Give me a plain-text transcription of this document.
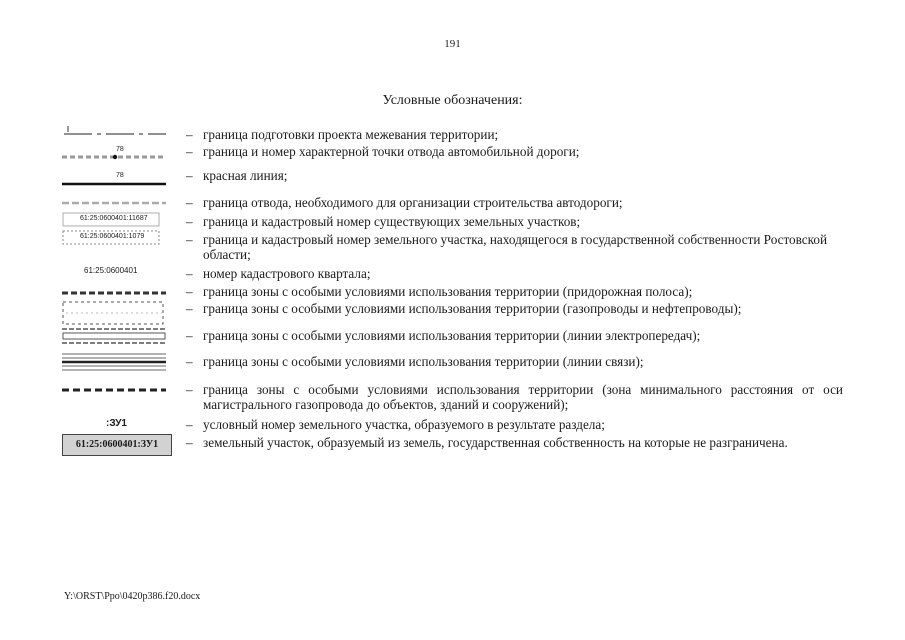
191
Условные обозначения:
78
78
61:25:0600401:11687
61:25:0600401:1079
61:25:0600401
:ЗУ1
61:25:0600401:ЗУ1
– граница подготовки проекта межевания территории;
– граница и номер характерной точки отвода автомобильной дороги;
– красная линия;
– граница отвода, необходимого для организации строительства автодороги;
– граница и кадастровый номер существующих земельных участков;
– граница и кадастровый номер земельного участка, находящегося в государственной собственности Ростовской области;
– номер кадастрового квартала;
– граница зоны с особыми условиями использования территории (придорожная полоса);
– граница зоны с особыми условиями использования территории (газопроводы и нефтепроводы);
– граница зоны с особыми условиями использования территории (линии электропередач);
– граница зоны с особыми условиями использования территории (линии связи);
– граница зоны с особыми условиями использования территории (зона минимального расстояния от оси магистрального газопровода до объектов, зданий и сооружений);
– условный номер земельного участка, образуемого в результате раздела;
– земельный участок, образуемый из земель, государственная собственность на которые не разграничена.
Y:\ORST\Ppo\0420p386.f20.docx
